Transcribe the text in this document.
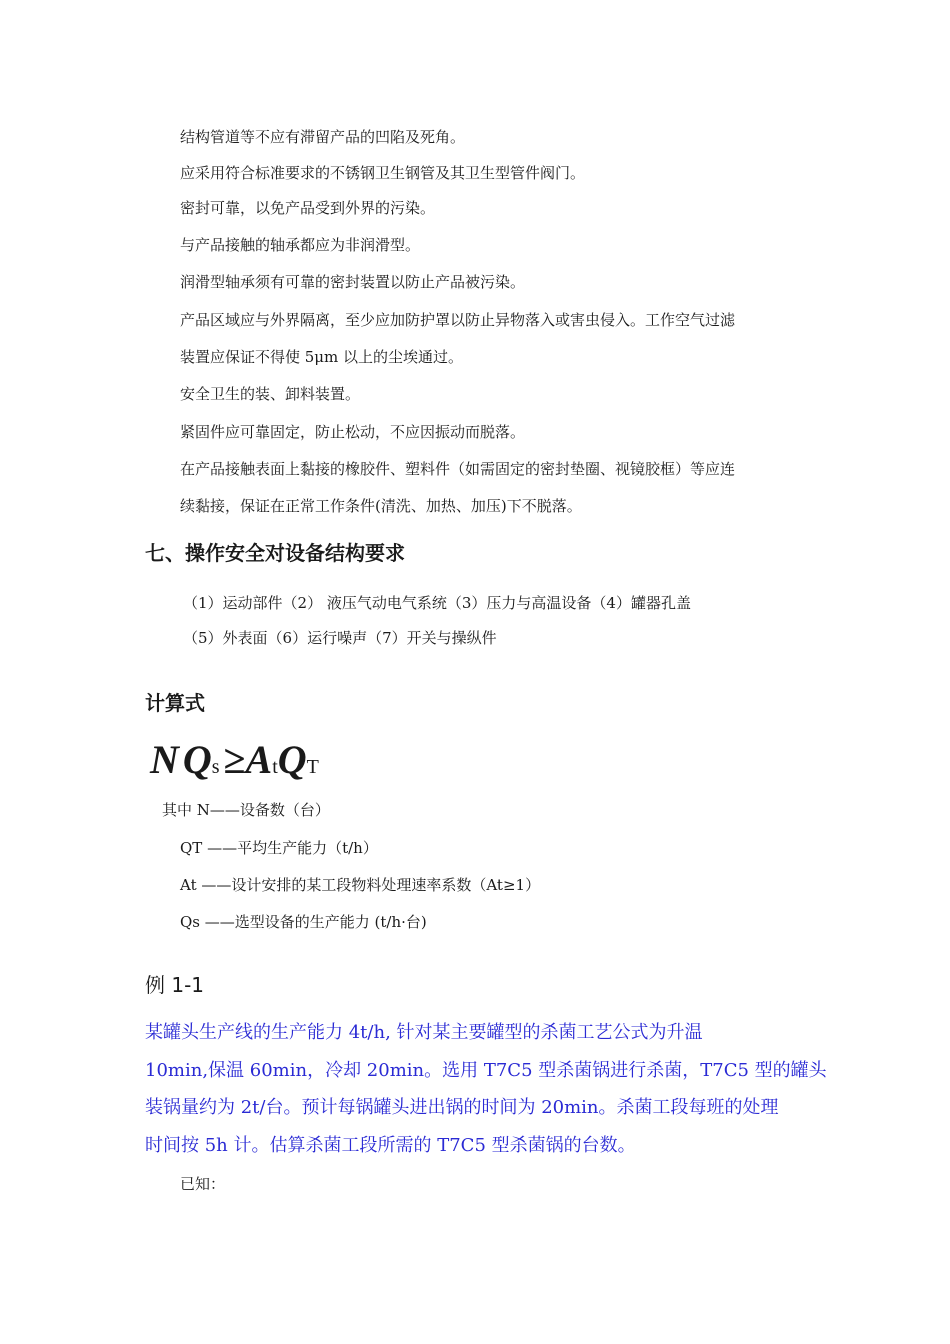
结构管道等不应有滞留产品的凹陷及死角。
应采用符合标准要求的不锈钢卫生钢管及其卫生型管件阀门。
密封可靠，以免产品受到外界的污染。
与产品接触的轴承都应为非润滑型。
润滑型轴承须有可靠的密封装置以防止产品被污染。
产品区域应与外界隔离，至少应加防护罩以防止异物落入或害虫侵入。工作空气过滤
装置应保证不得使 5μm 以上的尘埃通过。
安全卫生的装、卸料装置。
紧固件应可靠固定，防止松动，不应因振动而脱落。
在产品接触表面上黏接的橡胶件、塑料件（如需固定的密封垫圈、视镜胶框）等应连
续黏接，保证在正常工作条件(清洗、加热、加压)下不脱落。
七、操作安全对设备结构要求
（1）运动部件（2） 液压气动电气系统（3）压力与高温设备（4）罐器孔盖
（5）外表面（6）运行噪声（7）开关与操纵件
计算式
N Qs ≥AtQT
其中 N——设备数（台）
QT ——平均生产能力（t/h）
At ——设计安排的某工段物料处理速率系数（At≥1）
Qs ——选型设备的生产能力 (t/h·台)
例 1-1
某罐头生产线的生产能力 4t/h, 针对某主要罐型的杀菌工艺公式为升温
10min,保温 60min，冷却 20min。选用 T7C5 型杀菌锅进行杀菌，T7C5 型的罐头
装锅量约为 2t/台。预计每锅罐头进出锅的时间为 20min。杀菌工段每班的处理
时间按 5h 计。估算杀菌工段所需的 T7C5 型杀菌锅的台数。
已知：
